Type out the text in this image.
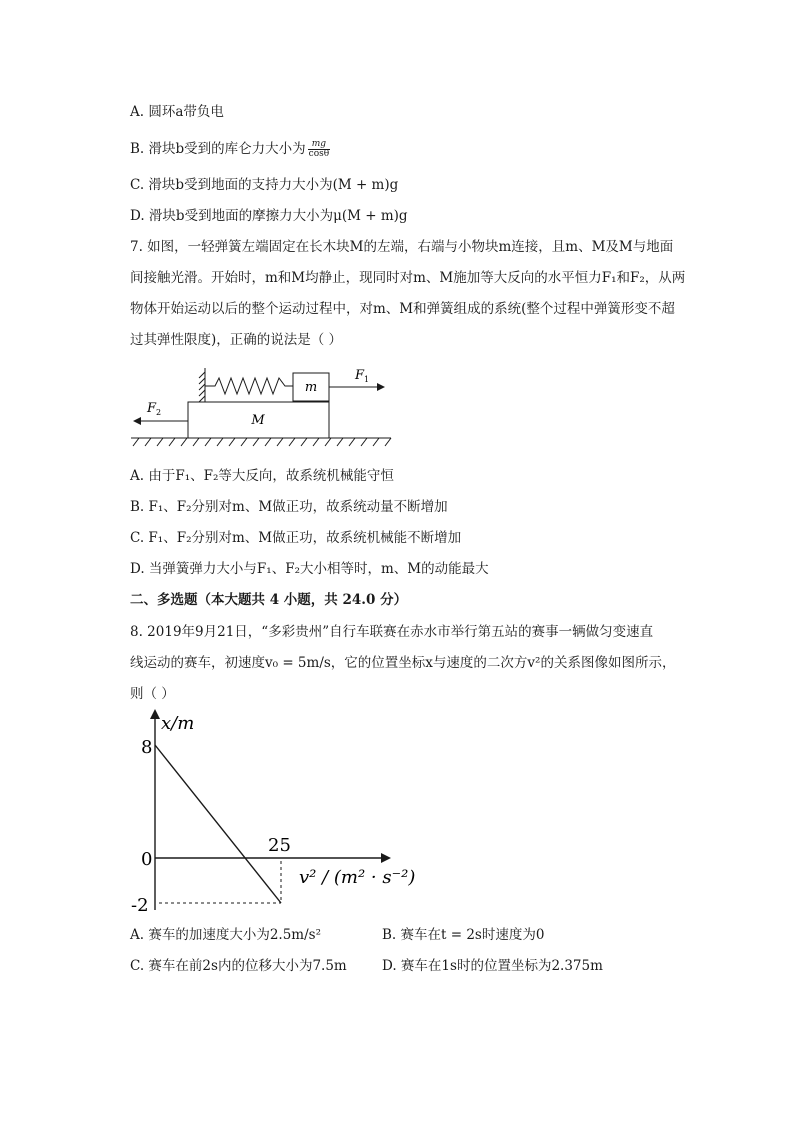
A. 圆环a带负电
B. 滑块b受到的库仑力大小为 $\frac{mg}{\cos\theta}$
C. 滑块b受到地面的支持力大小为(M + m)g
D. 滑块b受到地面的摩擦力大小为μ(M + m)g
7. 如图，一轻弹簧左端固定在长木块M的左端，右端与小物块m连接，且m、M及M与地面
间接触光滑。开始时，m和M均静止，现同时对m、M施加等大反向的水平恒力F₁和F₂，从两
物体开始运动以后的整个运动过程中，对m、M和弹簧组成的系统(整个过程中弹簧形变不超
过其弹性限度)，正确的说法是（ ）
m
$F_1$
M
$F_2$
A. 由于F₁、F₂等大反向，故系统机械能守恒
B. F₁、F₂分别对m、M做正功，故系统动量不断增加
C. F₁、F₂分别对m、M做正功，故系统机械能不断增加
D. 当弹簧弹力大小与F₁、F₂大小相等时，m、M的动能最大
二、多选题（本大题共 4 小题，共 24.0 分）
8. 2019年9月21日，“多彩贵州”自行车联赛在赤水市举行第五站的赛事一辆做匀变速直
线运动的赛车，初速度v₀ = 5m/s，它的位置坐标x与速度的二次方v²的关系图像如图所示，
则（ ）
x/m
v² / (m² · s⁻²)
8
0
-2
25
A. 赛车的加速度大小为2.5m/s²	B. 赛车在t = 2s时速度为0
C. 赛车在前2s内的位移大小为7.5m	D. 赛车在1s时的位置坐标为2.375m
